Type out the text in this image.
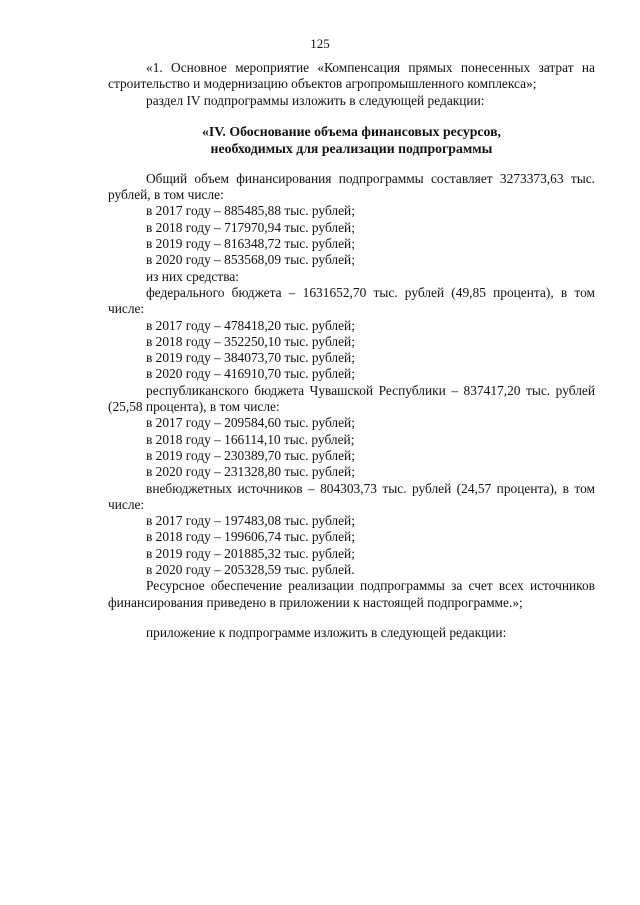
125

«1. Основное мероприятие «Компенсация прямых понесенных затрат на строительство и модернизацию объектов агропромышленного комплекса»;

раздел IV подпрограммы изложить в следующей редакции:

«IV. Обоснование объема финансовых ресурсов,
необходимых для реализации подпрограммы

Общий объем финансирования подпрограммы составляет 3273373,63 тыс. рублей, в том числе:

в 2017 году – 885485,88 тыс. рублей;

в 2018 году – 717970,94 тыс. рублей;

в 2019 году – 816348,72 тыс. рублей;

в 2020 году – 853568,09 тыс. рублей;

из них средства:

федерального бюджета – 1631652,70 тыс. рублей (49,85 процента), в том числе:

в 2017 году – 478418,20 тыс. рублей;

в 2018 году – 352250,10 тыс. рублей;

в 2019 году – 384073,70 тыс. рублей;

в 2020 году – 416910,70 тыс. рублей;

республиканского бюджета Чувашской Республики – 837417,20 тыс. рублей (25,58 процента), в том числе:

в 2017 году – 209584,60 тыс. рублей;

в 2018 году – 166114,10 тыс. рублей;

в 2019 году – 230389,70 тыс. рублей;

в 2020 году – 231328,80 тыс. рублей;

внебюджетных источников – 804303,73 тыс. рублей (24,57 процента), в том числе:

в 2017 году – 197483,08 тыс. рублей;

в 2018 году – 199606,74 тыс. рублей;

в 2019 году – 201885,32 тыс. рублей;

в 2020 году – 205328,59 тыс. рублей.

Ресурсное обеспечение реализации подпрограммы за счет всех источников финансирования приведено в приложении к настоящей подпрограмме.»;

приложение к подпрограмме изложить в следующей редакции:
